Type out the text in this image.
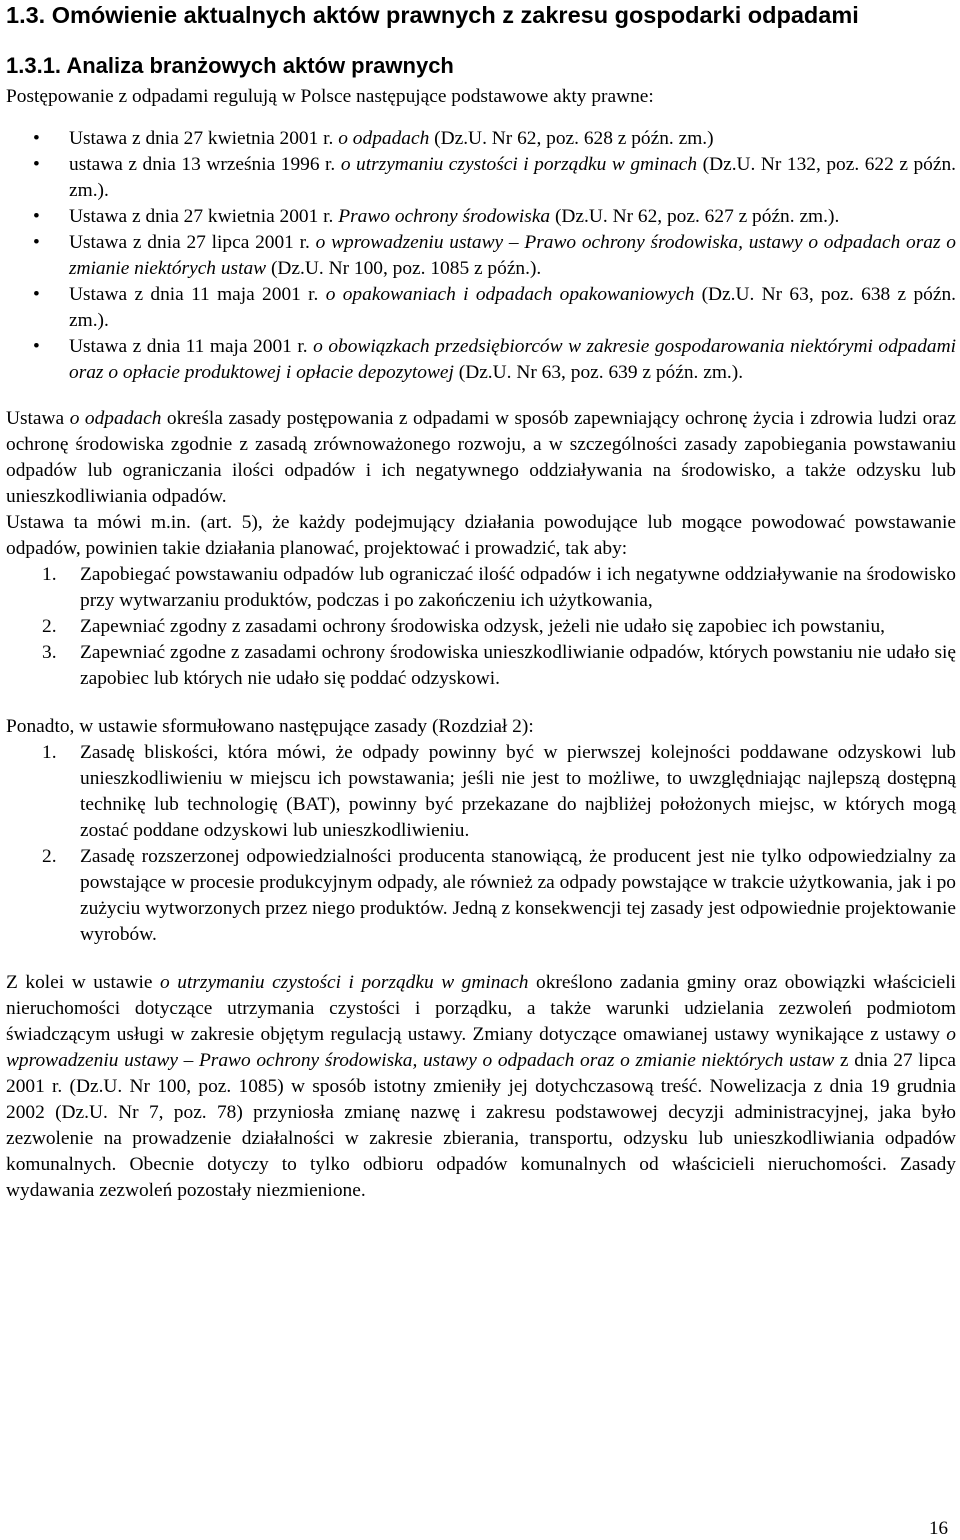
1.3. Omówienie aktualnych aktów prawnych z zakresu gospodarki odpadami
1.3.1. Analiza branżowych aktów prawnych

Postępowanie z odpadami regulują w Polsce następujące podstawowe akty prawne:

• Ustawa z dnia 27 kwietnia 2001 r. o odpadach (Dz.U. Nr 62, poz. 628 z późn. zm.)
• ustawa z dnia 13 września 1996 r. o utrzymaniu czystości i porządku w gminach (Dz.U. Nr 132, poz. 622 z późn. zm.).
• Ustawa z dnia 27 kwietnia 2001 r. Prawo ochrony środowiska (Dz.U. Nr 62, poz. 627 z późn. zm.).
• Ustawa z dnia 27 lipca 2001 r. o wprowadzeniu ustawy – Prawo ochrony środowiska, ustawy o odpadach oraz o zmianie niektórych ustaw (Dz.U. Nr 100, poz. 1085 z późn.).
• Ustawa z dnia 11 maja 2001 r. o opakowaniach i odpadach opakowaniowych (Dz.U. Nr 63, poz. 638 z późn. zm.).
• Ustawa z dnia 11 maja 2001 r. o obowiązkach przedsiębiorców w zakresie gospodarowania niektórymi odpadami oraz o opłacie produktowej i opłacie depozytowej (Dz.U. Nr 63, poz. 639 z późn. zm.).

Ustawa o odpadach określa zasady postępowania z odpadami w sposób zapewniający ochronę życia i zdrowia ludzi oraz ochronę środowiska zgodnie z zasadą zrównoważonego rozwoju, a w szczególności zasady zapobiegania powstawaniu odpadów lub ograniczania ilości odpadów i ich negatywnego oddziaływania na środowisko, a także odzysku lub unieszkodliwiania odpadów.

Ustawa ta mówi m.in. (art. 5), że każdy podejmujący działania powodujące lub mogące powodować powstawanie odpadów, powinien takie działania planować, projektować i prowadzić, tak aby:

1. Zapobiegać powstawaniu odpadów lub ograniczać ilość odpadów i ich negatywne oddziaływanie na środowisko przy wytwarzaniu produktów, podczas i po zakończeniu ich użytkowania,
2. Zapewniać zgodny z zasadami ochrony środowiska odzysk, jeżeli nie udało się zapobiec ich powstaniu,
3. Zapewniać zgodne z zasadami ochrony środowiska unieszkodliwianie odpadów, których powstaniu nie udało się zapobiec lub których nie udało się poddać odzyskowi.

Ponadto, w ustawie sformułowano następujące zasady (Rozdział 2):

1. Zasadę bliskości, która mówi, że odpady powinny być w pierwszej kolejności poddawane odzyskowi lub unieszkodliwieniu w miejscu ich powstawania; jeśli nie jest to możliwe, to uwzględniając najlepszą dostępną technikę lub technologię (BAT), powinny być przekazane do najbliżej położonych miejsc, w których mogą zostać poddane odzyskowi lub unieszkodliwieniu.
2. Zasadę rozszerzonej odpowiedzialności producenta stanowiącą, że producent jest nie tylko odpowiedzialny za powstające w procesie produkcyjnym odpady, ale również za odpady powstające w trakcie użytkowania, jak i po zużyciu wytworzonych przez niego produktów. Jedną z konsekwencji tej zasady jest odpowiednie projektowanie wyrobów.

Z kolei w ustawie o utrzymaniu czystości i porządku w gminach określono zadania gminy oraz obowiązki właścicieli nieruchomości dotyczące utrzymania czystości i porządku, a także warunki udzielania zezwoleń podmiotom świadczącym usługi w zakresie objętym regulacją ustawy. Zmiany dotyczące omawianej ustawy wynikające z ustawy o wprowadzeniu ustawy – Prawo ochrony środowiska, ustawy o odpadach oraz o zmianie niektórych ustaw z dnia 27 lipca 2001 r. (Dz.U. Nr 100, poz. 1085) w sposób istotny zmieniły jej dotychczasową treść. Nowelizacja z dnia 19 grudnia 2002 (Dz.U. Nr 7, poz. 78) przyniosła zmianę nazwę i zakresu podstawowej decyzji administracyjnej, jaka było zezwolenie na prowadzenie działalności w zakresie zbierania, transportu, odzysku lub unieszkodliwiania odpadów komunalnych. Obecnie dotyczy to tylko odbioru odpadów komunalnych od właścicieli nieruchomości. Zasady wydawania zezwoleń pozostały niezmienione.

16
